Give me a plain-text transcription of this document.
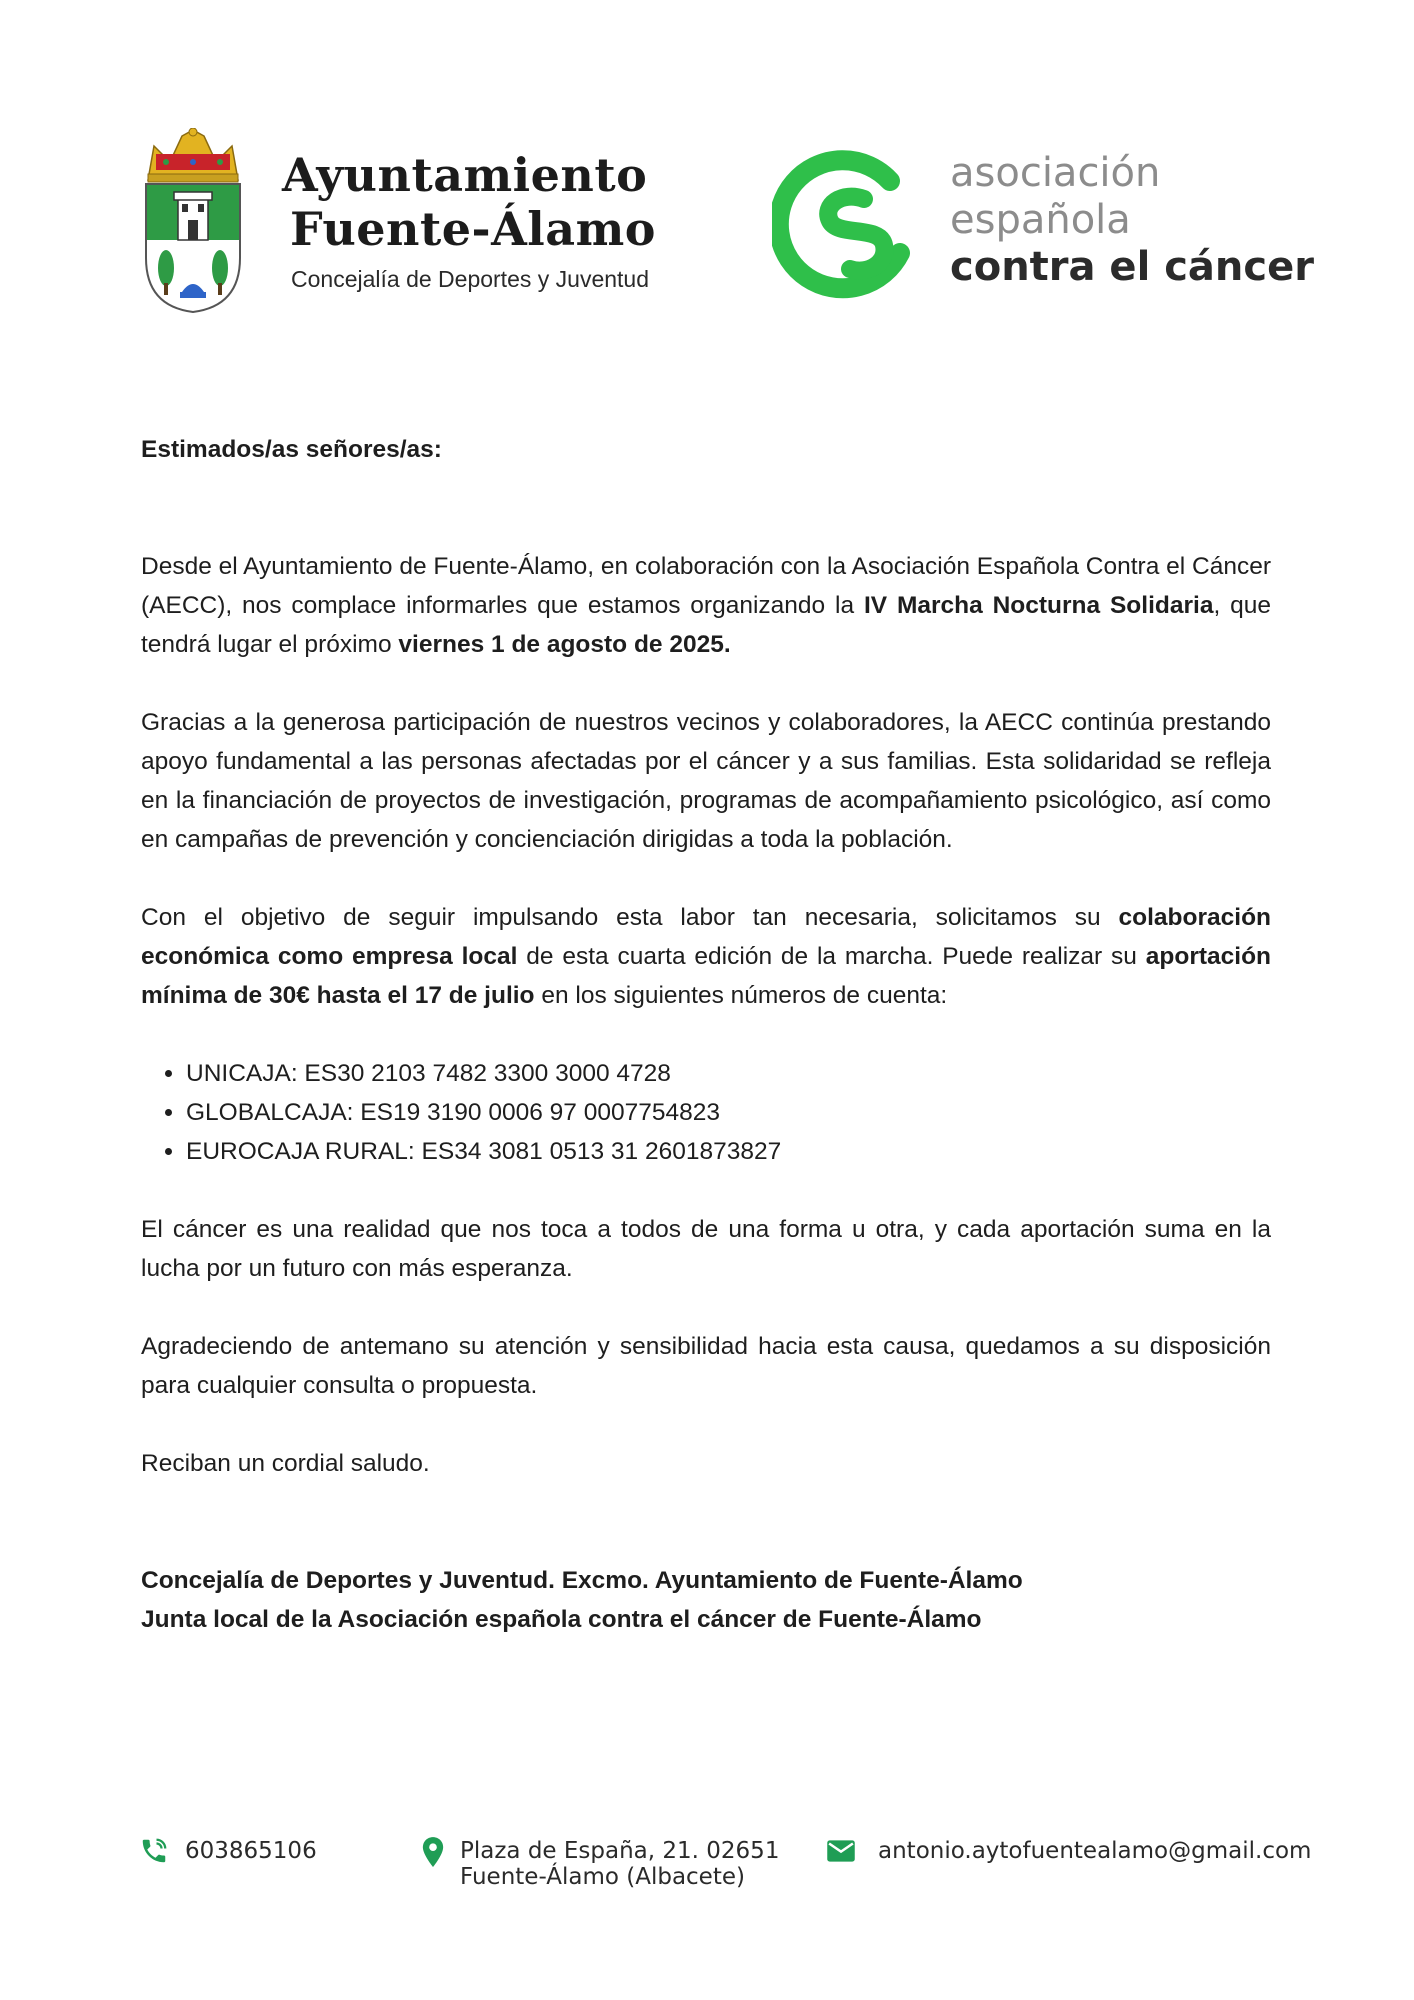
Ayuntamiento
Fuente-Álamo
Concejalía de Deportes y Juventud
asociación
española
contra el cáncer

Estimados/as señores/as:

Desde el Ayuntamiento de Fuente-Álamo, en colaboración con la Asociación Española Contra el Cáncer (AECC), nos complace informarles que estamos organizando la IV Marcha Nocturna Solidaria, que tendrá lugar el próximo viernes 1 de agosto de 2025.

Gracias a la generosa participación de nuestros vecinos y colaboradores, la AECC continúa prestando apoyo fundamental a las personas afectadas por el cáncer y a sus familias. Esta solidaridad se refleja en la financiación de proyectos de investigación, programas de acompañamiento psicológico, así como en campañas de prevención y concienciación dirigidas a toda la población.

Con el objetivo de seguir impulsando esta labor tan necesaria, solicitamos su colaboración económica como empresa local de esta cuarta edición de la marcha. Puede realizar su aportación mínima de 30€ hasta el 17 de julio en los siguientes números de cuenta:

• UNICAJA: ES30 2103 7482 3300 3000 4728
• GLOBALCAJA: ES19 3190 0006 97 0007754823
• EUROCAJA RURAL: ES34 3081 0513 31 2601873827

El cáncer es una realidad que nos toca a todos de una forma u otra, y cada aportación suma en la lucha por un futuro con más esperanza.

Agradeciendo de antemano su atención y sensibilidad hacia esta causa, quedamos a su disposición para cualquier consulta o propuesta.

Reciban un cordial saludo.

Concejalía de Deportes y Juventud. Excmo. Ayuntamiento de Fuente-Álamo

Junta local de la Asociación española contra el cáncer de Fuente-Álamo

603865106	Plaza de España, 21. 02651
Fuente-Álamo (Albacete)
antonio.aytofuentealamo@gmail.com
